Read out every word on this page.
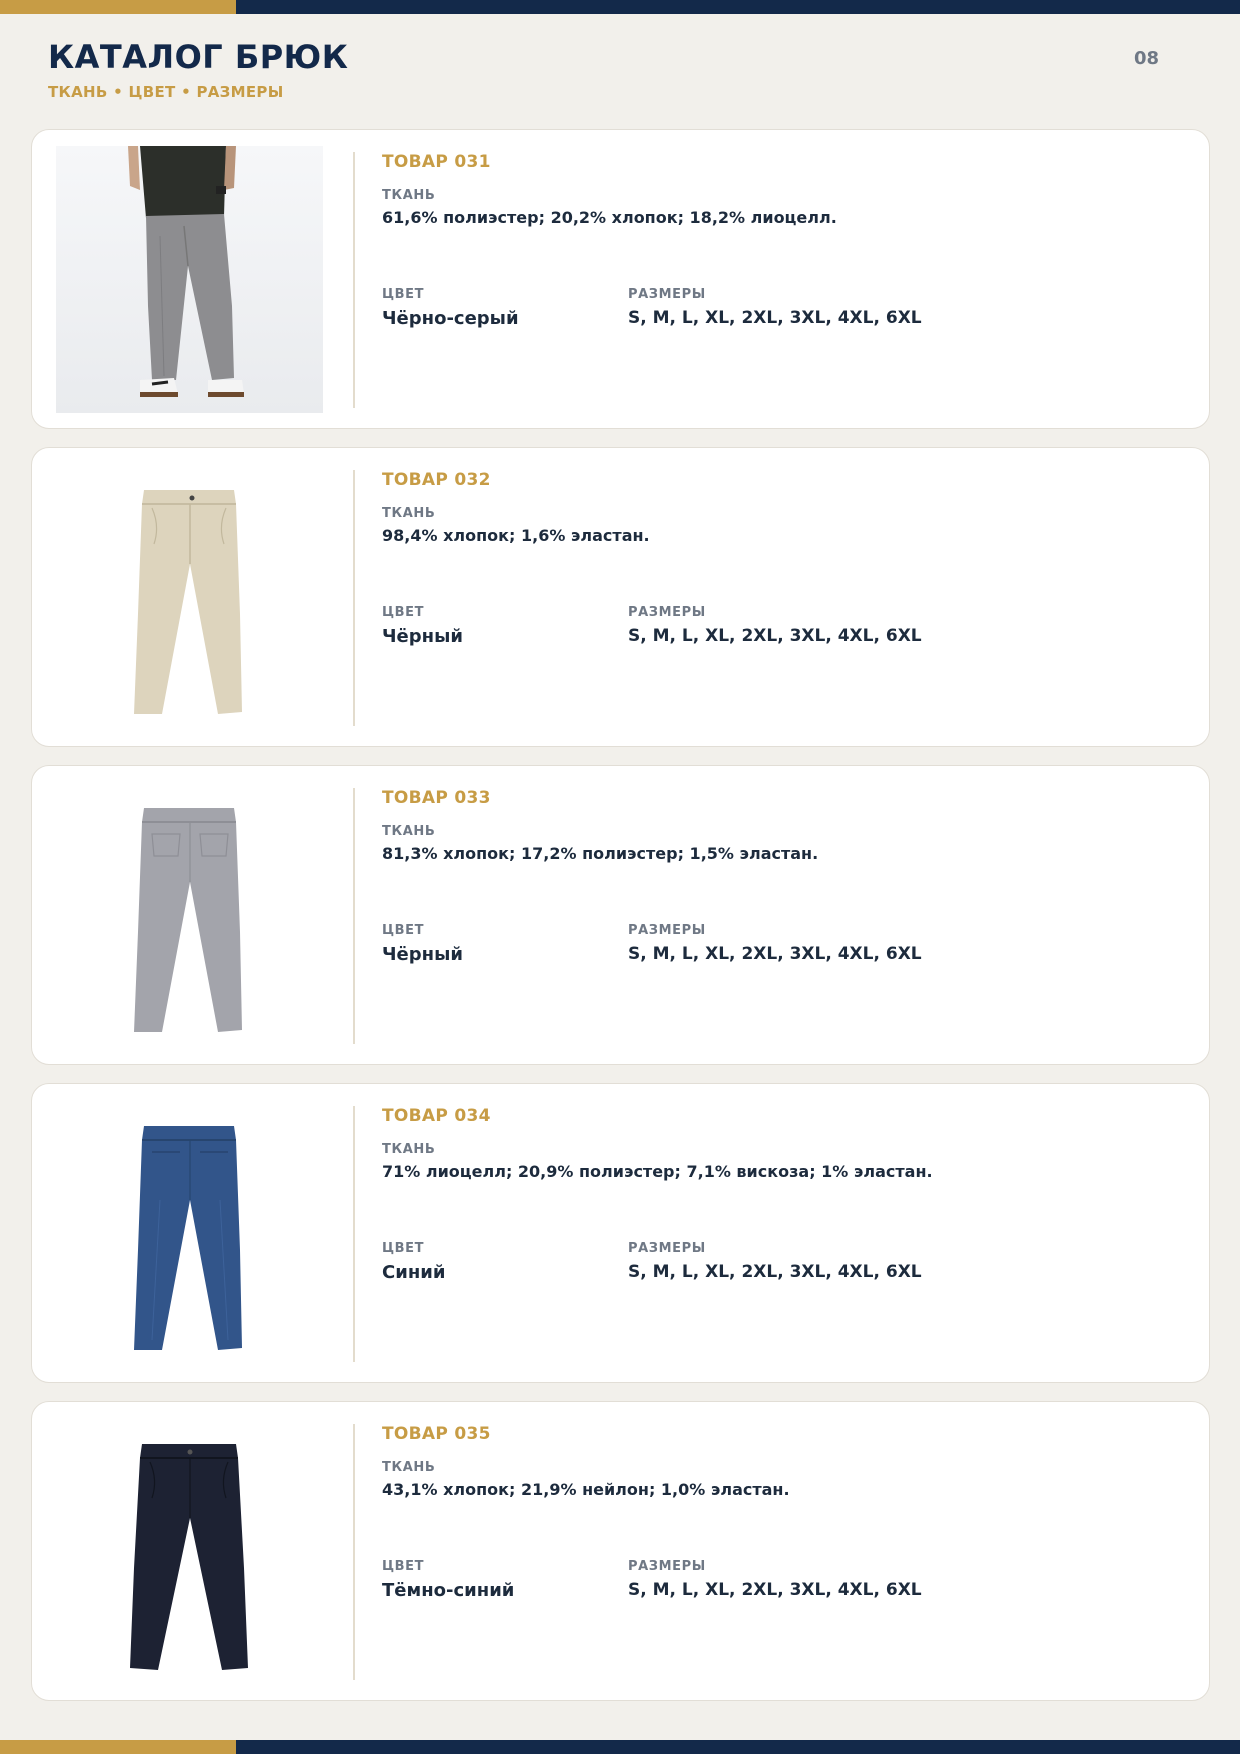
КАТАЛОГ БРЮК
ТКАНЬ • ЦВЕТ • РАЗМЕРЫ
08
ТОВАР 031
ТКАНЬ
61,6% полиэстер; 20,2% хлопок; 18,2% лиоцелл.
ЦВЕТ
Чёрно-серый
РАЗМЕРЫ
S, M, L, XL, 2XL, 3XL, 4XL, 6XL
ТОВАР 032
ТКАНЬ
98,4% хлопок; 1,6% эластан.
ЦВЕТ
Чёрный
РАЗМЕРЫ
S, M, L, XL, 2XL, 3XL, 4XL, 6XL
ТОВАР 033
ТКАНЬ
81,3% хлопок; 17,2% полиэстер; 1,5% эластан.
ЦВЕТ
Чёрный
РАЗМЕРЫ
S, M, L, XL, 2XL, 3XL, 4XL, 6XL
ТОВАР 034
ТКАНЬ
71% лиоцелл; 20,9% полиэстер; 7,1% вискоза; 1% эластан.
ЦВЕТ
Синий
РАЗМЕРЫ
S, M, L, XL, 2XL, 3XL, 4XL, 6XL
ТОВАР 035
ТКАНЬ
43,1% хлопок; 21,9% нейлон; 1,0% эластан.
ЦВЕТ
Тёмно-синий
РАЗМЕРЫ
S, M, L, XL, 2XL, 3XL, 4XL, 6XL
